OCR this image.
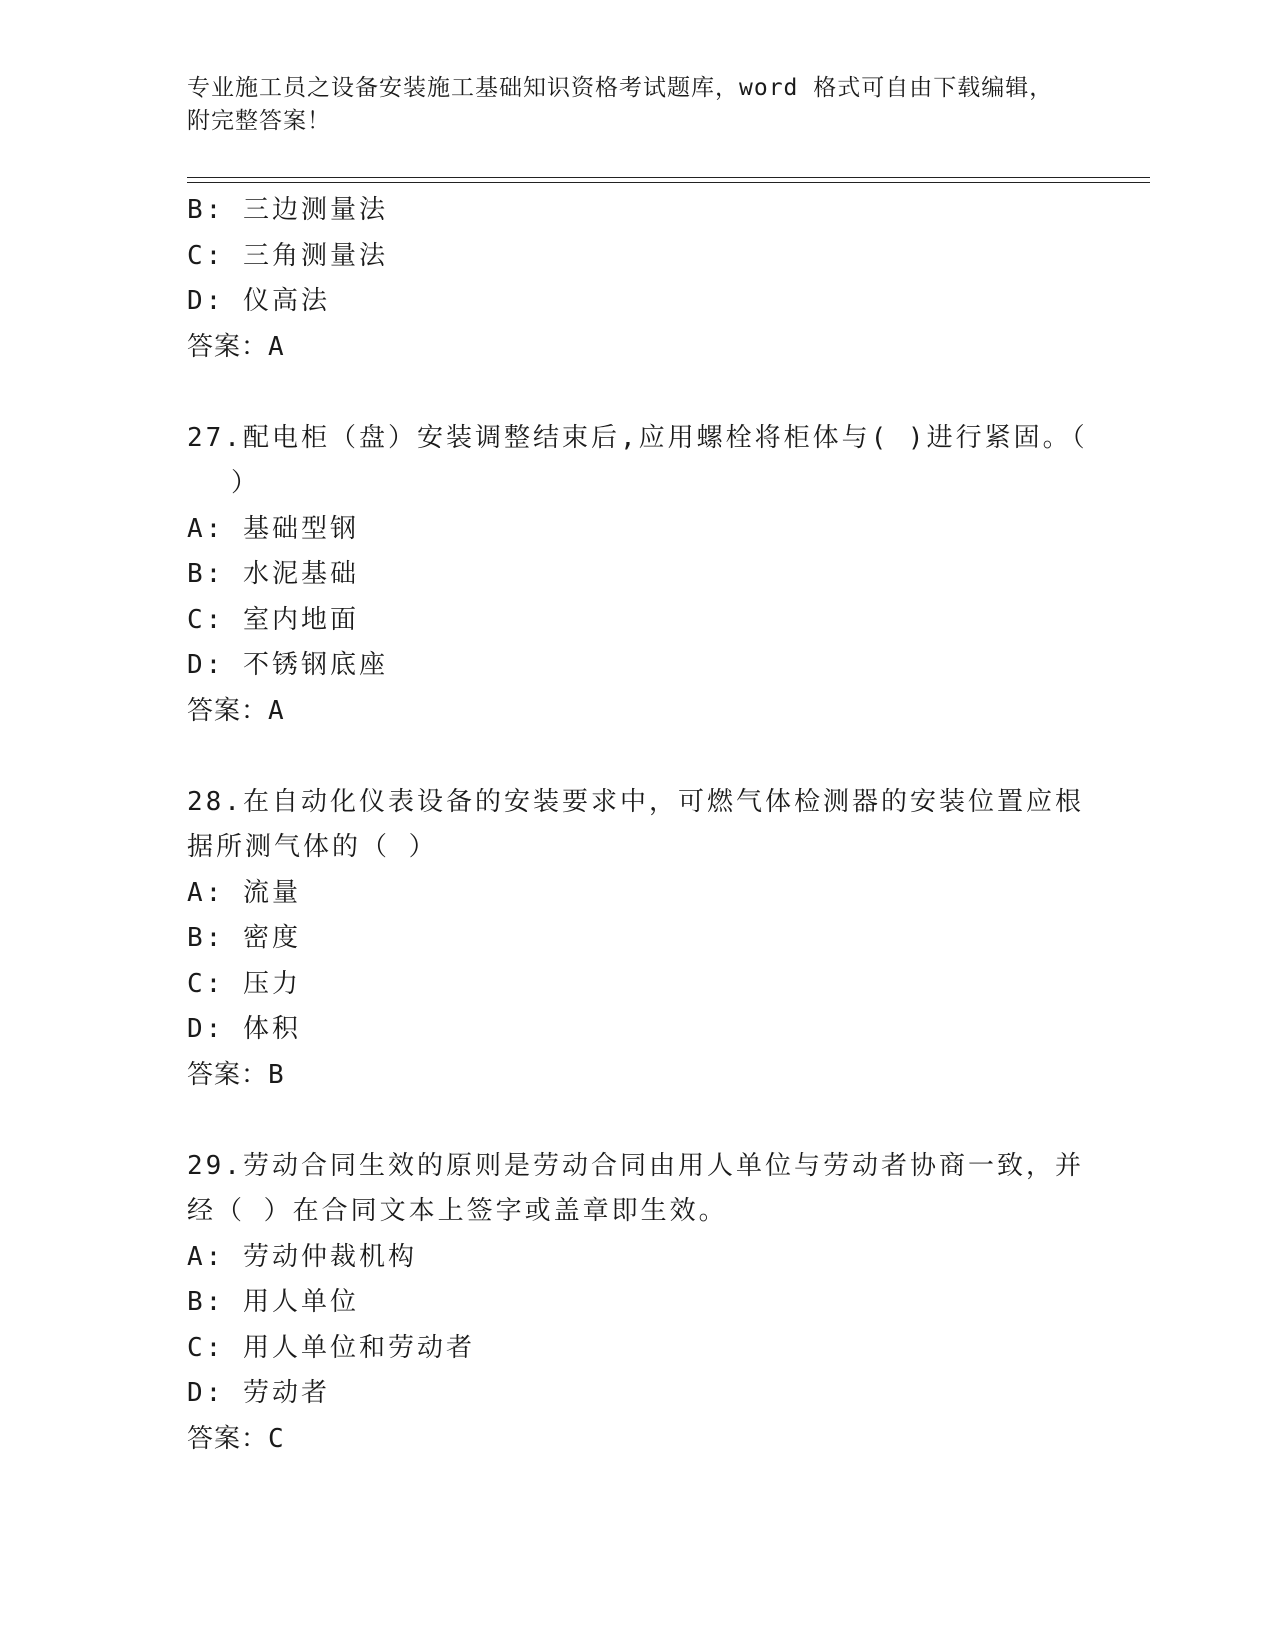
专业施工员之设备安装施工基础知识资格考试题库，word 格式可自由下载编辑，
附完整答案！
B: 三边测量法
C: 三角测量法
D: 仪高法
答案：A
27.配电柜（盘）安装调整结束后,应用螺栓将柜体与( )进行紧固。（
）
A: 基础型钢
B: 水泥基础
C: 室内地面
D: 不锈钢底座
答案：A
28.在自动化仪表设备的安装要求中，可燃气体检测器的安装位置应根
据所测气体的（ ）
A: 流量
B: 密度
C: 压力
D: 体积
答案：B
29.劳动合同生效的原则是劳动合同由用人单位与劳动者协商一致，并
经（ ）在合同文本上签字或盖章即生效。
A: 劳动仲裁机构
B: 用人单位
C: 用人单位和劳动者
D: 劳动者
答案：C
